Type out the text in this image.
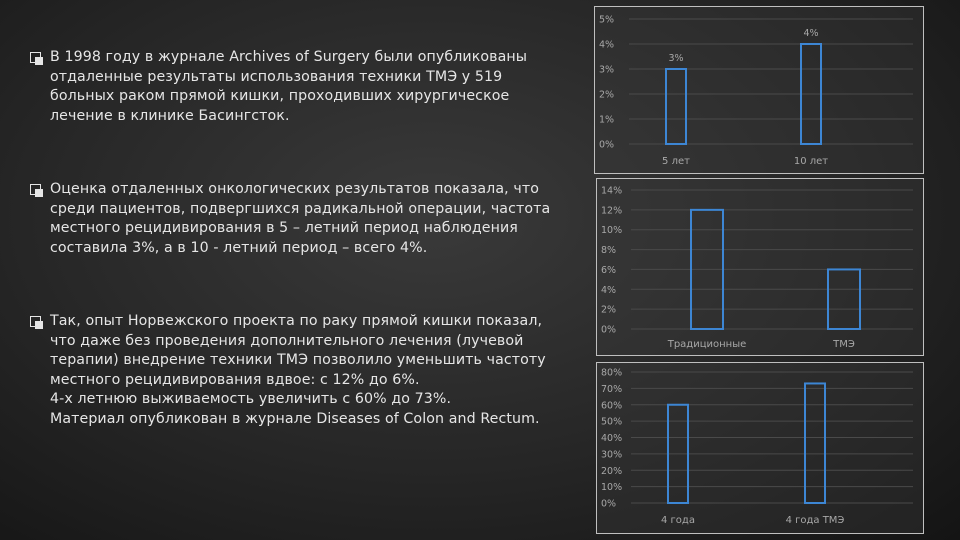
В 1998 году в журнале Archives of Surgery были опубликованы
отдаленные результаты использования техники ТМЭ у 519
больных раком прямой кишки, проходивших хирургическое
лечение в клинике Басингсток.
Оценка отдаленных онкологических результатов показала, что
среди пациентов, подвергшихся радикальной операции, частота
местного рецидивирования в 5 – летний период наблюдения
составила 3%, а в 10 - летний период – всего 4%.
Так, опыт Норвежского проекта по раку прямой кишки показал,
что даже без проведения дополнительного лечения (лучевой
терапии) внедрение техники ТМЭ позволило уменьшить частоту
местного рецидивирования вдвое: с 12% до 6%.
4-х летнюю выживаемость увеличить с 60% до 73%.
Материал опубликован в журнале Diseases of Colon and Rectum.
0%
1%
2%
3%
4%
5%
3%
5 лет
4%
10 лет
0%
2%
4%
6%
8%
10%
12%
14%
Традиционные	ТМЭ
0%
10%
20%
30%
40%
50%
60%
70%
80%
4 года	4 года ТМЭ
